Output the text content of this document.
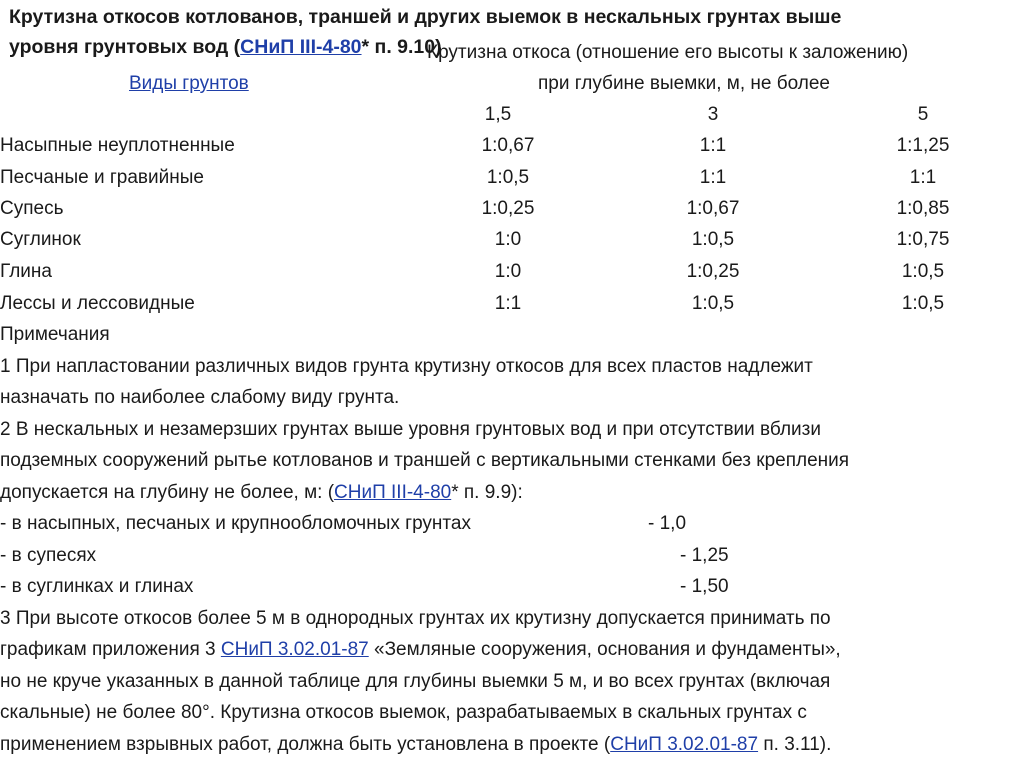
Крутизна откосов котлованов, траншей и других выемок в нескальных грунтах выше
уровня грунтовых вод (СНиП III-4-80* п. 9.10)
Крутизна откоса (отношение его высоты к заложению)
Виды грунтов	при глубине выемки, м, не более
1,5	3	5
Насыпные неуплотненные	1:0,67	1:1	1:1,25
Песчаные и гравийные	1:0,5	1:1	1:1
Супесь	1:0,25	1:0,67	1:0,85
Суглинок	1:0	1:0,5	1:0,75
Глина	1:0	1:0,25	1:0,5
Лессы и лессовидные	1:1	1:0,5	1:0,5
Примечания
1 При напластовании различных видов грунта крутизну откосов для всех пластов надлежит
назначать по наиболее слабому виду грунта.
2 В нескальных и незамерзших грунтах выше уровня грунтовых вод и при отсутствии вблизи
подземных сооружений рытье котлованов и траншей с вертикальными стенками без крепления
допускается на глубину не более, м: (СНиП III-4-80* п. 9.9):
- в насыпных, песчаных и крупнообломочных грунтах	- 1,0
- в супесях	- 1,25
- в суглинках и глинах	- 1,50
3 При высоте откосов более 5 м в однородных грунтах их крутизну допускается принимать по
графикам приложения 3 СНиП 3.02.01-87 «Земляные сооружения, основания и фундаменты»,
но не круче указанных в данной таблице для глубины выемки 5 м, и во всех грунтах (включая
скальные) не более 80°. Крутизна откосов выемок, разрабатываемых в скальных грунтах с
применением взрывных работ, должна быть установлена в проекте (СНиП 3.02.01-87 п. 3.11).
